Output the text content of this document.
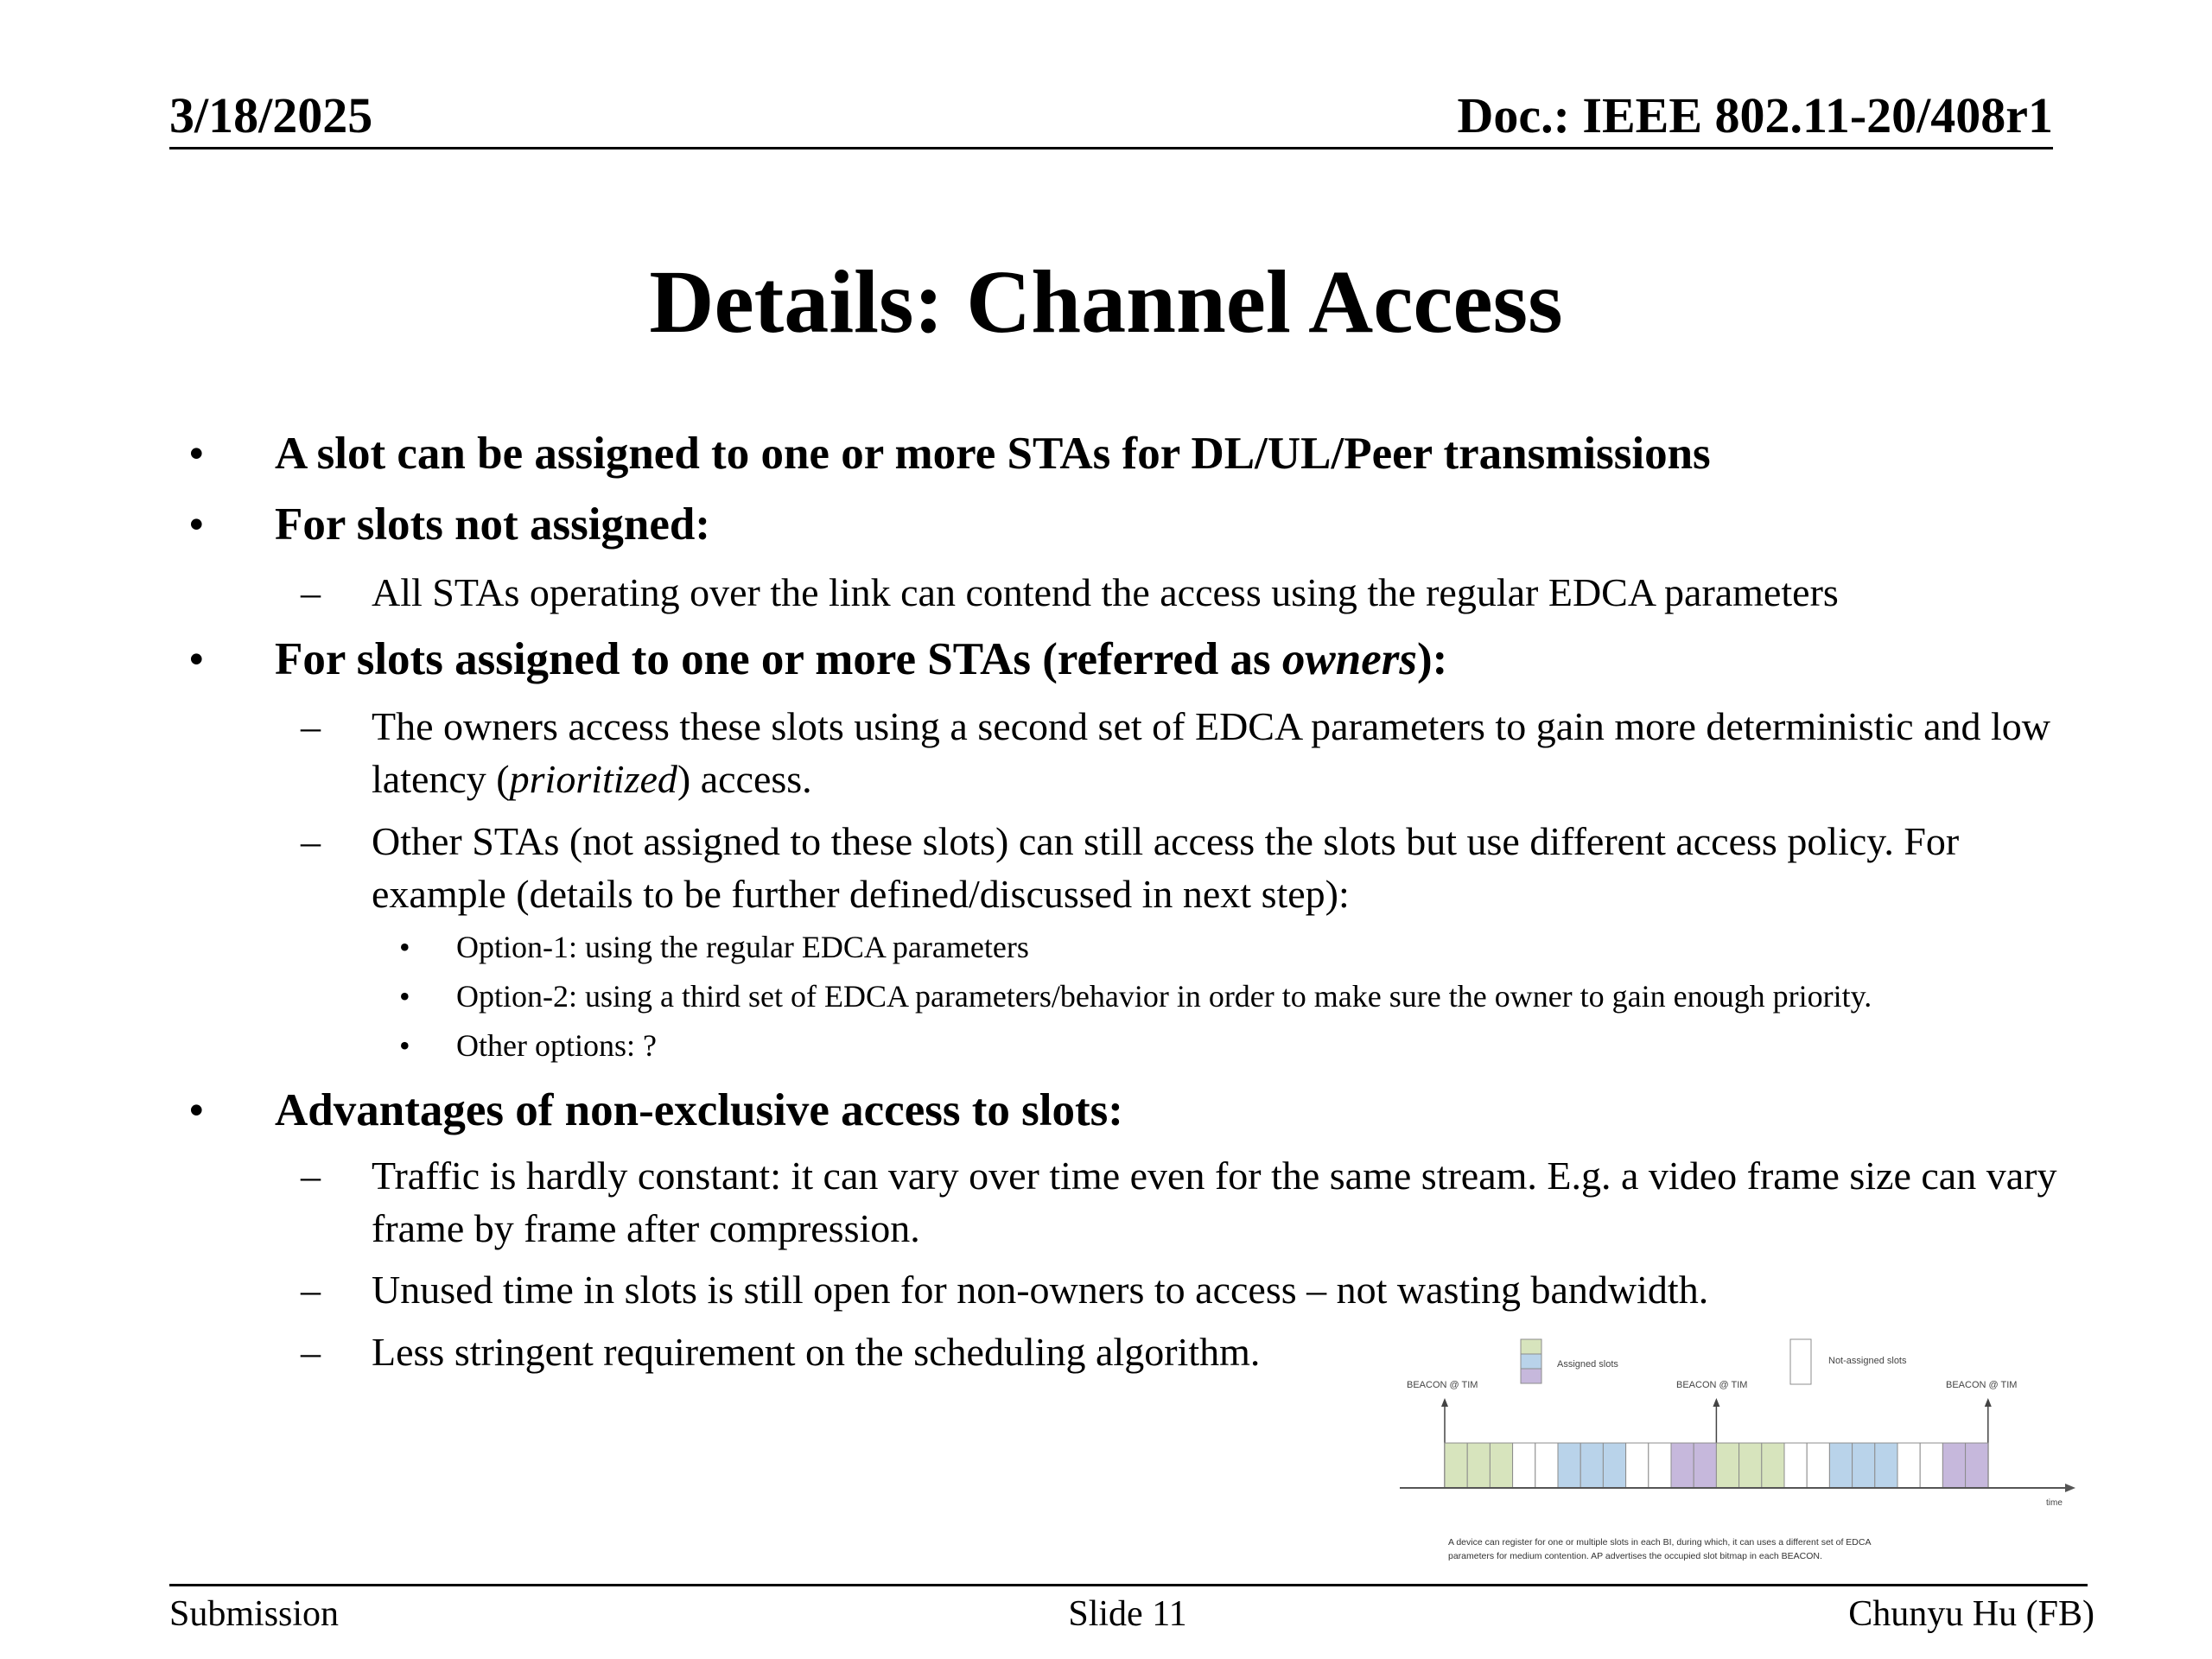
3/18/2025	Doc.: IEEE 802.11-20/408r1
Details: Channel Access
• A slot can be assigned to one or more STAs for DL/UL/Peer transmissions
• For slots not assigned:
– All STAs operating over the link can contend the access using the regular EDCA parameters
• For slots assigned to one or more STAs (referred as owners):
– The owners access these slots using a second set of EDCA parameters to gain more deterministic and low latency (prioritized) access.
– Other STAs (not assigned to these slots) can still access the slots but use different access policy. For example (details to be further defined/discussed in next step):
• Option-1: using the regular EDCA parameters
• Option-2: using a third set of EDCA parameters/behavior in order to make sure the owner to gain enough priority.
• Other options: ?
• Advantages of non-exclusive access to slots:
– Traffic is hardly constant: it can vary over time even for the same stream. E.g. a video frame size can vary frame by frame after compression.
– Unused time in slots is still open for non-owners to access – not wasting bandwidth.
– Less stringent requirement on the scheduling algorithm.	Assigned slots	Not-assigned slots
BEACON @ TIM	BEACON @ TIM	BEACON @ TIM
time
A device can register for one or multiple slots in each BI, during which, it can uses a different set of EDCA
parameters for medium contention. AP advertises the occupied slot bitmap in each BEACON.
Submission	Slide 11	Chunyu Hu (FB)
